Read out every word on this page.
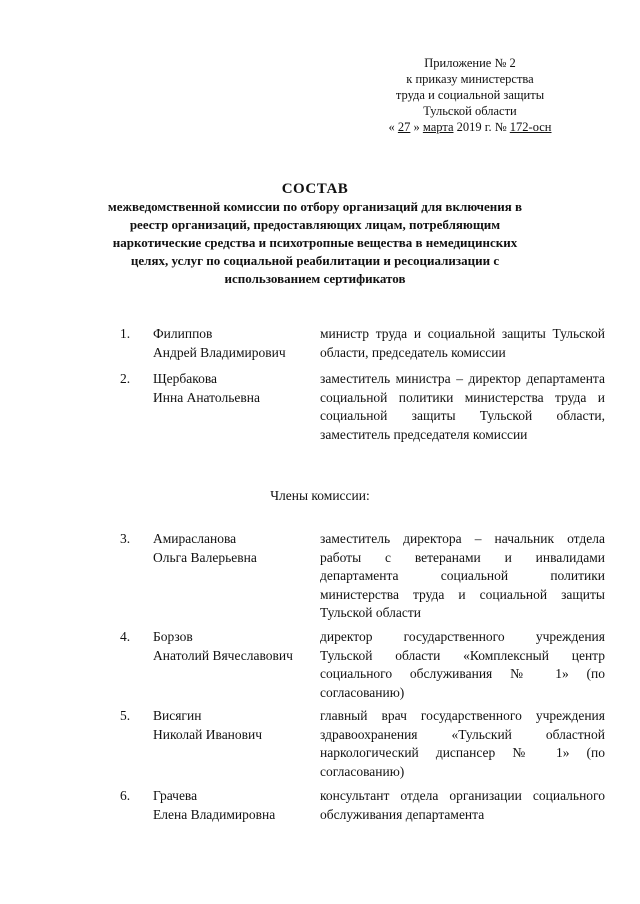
Приложение № 2
к приказу министерства
труда и социальной защиты
Тульской области
« 27 » марта 2019 г. № 172-осн
СОСТАВ
межведомственной комиссии по отбору организаций для включения в реестр организаций, предоставляющих лицам, потребляющим наркотические средства и психотропные вещества в немедицинских целях, услуг по социальной реабилитации и ресоциализации с использованием сертификатов
1.	Филиппов
Андрей Владимирович
министр труда и социальной защиты Тульской области, председатель комиссии
2.	Щербакова
Инна Анатольевна
заместитель министра – директор департамента социальной политики министерства труда и социальной защиты Тульской области, заместитель председателя комиссии
Члены комиссии:
3.	Амирасланова
Ольга Валерьевна
заместитель директора – начальник отдела работы с ветеранами и инвалидами департамента социальной политики министерства труда и социальной защиты Тульской области
4.	Борзов
Анатолий Вячеславович
директор государственного учреждения Тульской области «Комплексный центр социального обслуживания № 1» (по согласованию)
5.	Висягин
Николай Иванович
главный врач государственного учреждения здравоохранения «Тульский областной наркологический диспансер № 1» (по согласованию)
6.	Грачева
Елена Владимировна
консультант отдела организации социального обслуживания департамента
